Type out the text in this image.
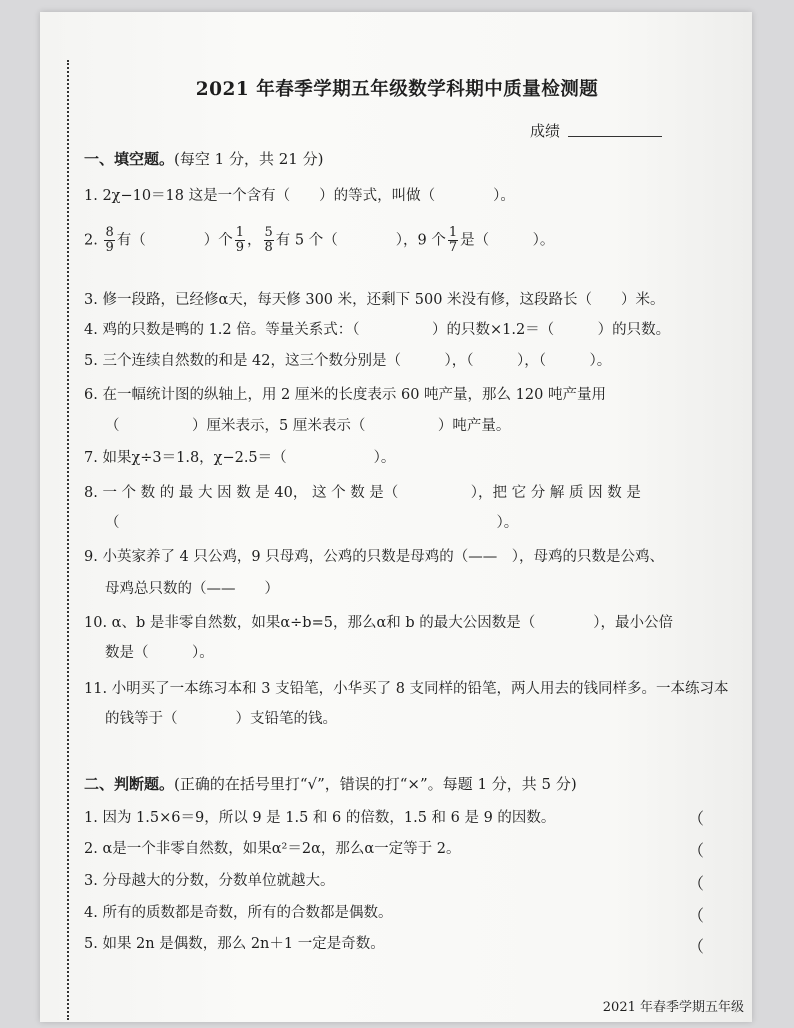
2021 年春季学期五年级数学科期中质量检测题
成绩
一、填空题。(每空 1 分，共 21 分)
1. 2χ−10＝18 这是一个含有（　　）的等式，叫做（　　　　）。
2. $\frac{8}{9}$ 有（　　　　）个 $\frac{1}{9}$ ， $\frac{5}{8}$ 有 5 个（　　　　），9 个 $\frac{1}{7}$ 是（　　　）。
3. 修一段路，已经修α天，每天修 300 米，还剩下 500 米没有修，这段路长（　　）米。
4. 鸡的只数是鸭的 1.2 倍。等量关系式：（　　　　　）的只数×1.2＝（　　　）的只数。
5. 三个连续自然数的和是 42，这三个数分别是（　　　），（　　　），（　　　）。
6. 在一幅统计图的纵轴上，用 2 厘米的长度表示 60 吨产量，那么 120 吨产量用
（　　　　　）厘米表示，5 厘米表示（　　　　　）吨产量。
7. 如果χ÷3＝1.8，χ−2.5＝（　　　　　　）。
8. 一 个 数 的 最 大 因 数 是 40， 这 个 数 是（　　　　　），把 它 分 解 质 因 数 是
（　　　　　　　　　　　　　　　　　　　　　　　　　　）。
9. 小英家养了 4 只公鸡，9 只母鸡，公鸡的只数是母鸡的（——　），母鸡的只数是公鸡、
母鸡总只数的（——　　）
10. α、b 是非零自然数，如果α÷b=5，那么α和 b 的最大公因数是（　　　　），最小公倍
数是（　　　）。
11. 小明买了一本练习本和 3 支铅笔，小华买了 8 支同样的铅笔，两人用去的钱同样多。一本练习本
的钱等于（　　　　）支铅笔的钱。
二、判断题。(正确的在括号里打“√”，错误的打“×”。每题 1 分，共 5 分)
1. 因为 1.5×6＝9，所以 9 是 1.5 和 6 的倍数，1.5 和 6 是 9 的因数。
2. α是一个非零自然数，如果α²＝2α，那么α一定等于 2。
3. 分母越大的分数，分数单位就越大。
4. 所有的质数都是奇数，所有的合数都是偶数。
5. 如果 2n 是偶数，那么 2n＋1 一定是奇数。
（
（
（
（
（
2021 年春季学期五年级
